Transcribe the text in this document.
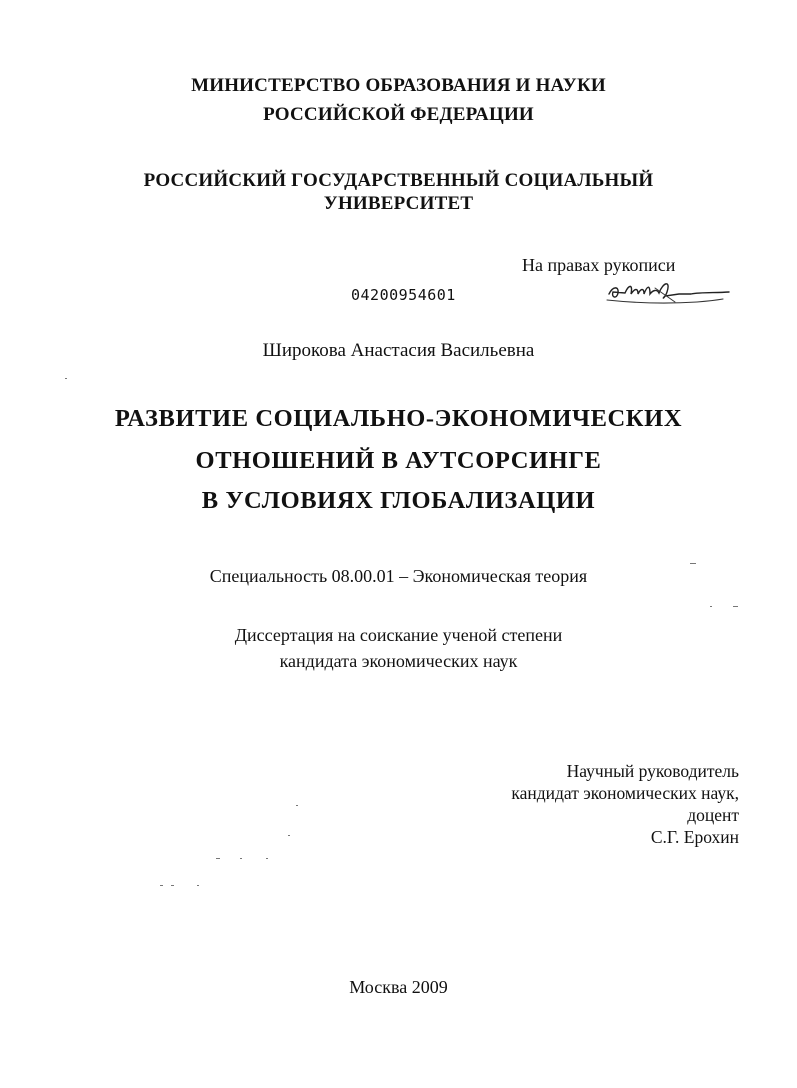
МИНИСТЕРСТВО ОБРАЗОВАНИЯ И НАУКИ
РОССИЙСКОЙ ФЕДЕРАЦИИ
РОССИЙСКИЙ ГОСУДАРСТВЕННЫЙ СОЦИАЛЬНЫЙ
УНИВЕРСИТЕТ
На правах рукописи
04200954601
Широкова Анастасия Васильевна
РАЗВИТИЕ СОЦИАЛЬНО-ЭКОНОМИЧЕСКИХ
ОТНОШЕНИЙ В АУТСОРСИНГЕ
В УСЛОВИЯХ ГЛОБАЛИЗАЦИИ
Специальность 08.00.01 – Экономическая теория
Диссертация на соискание ученой степени
кандидата экономических наук
Научный руководитель
кандидат экономических наук,
доцент
С.Г. Ерохин
Москва 2009
